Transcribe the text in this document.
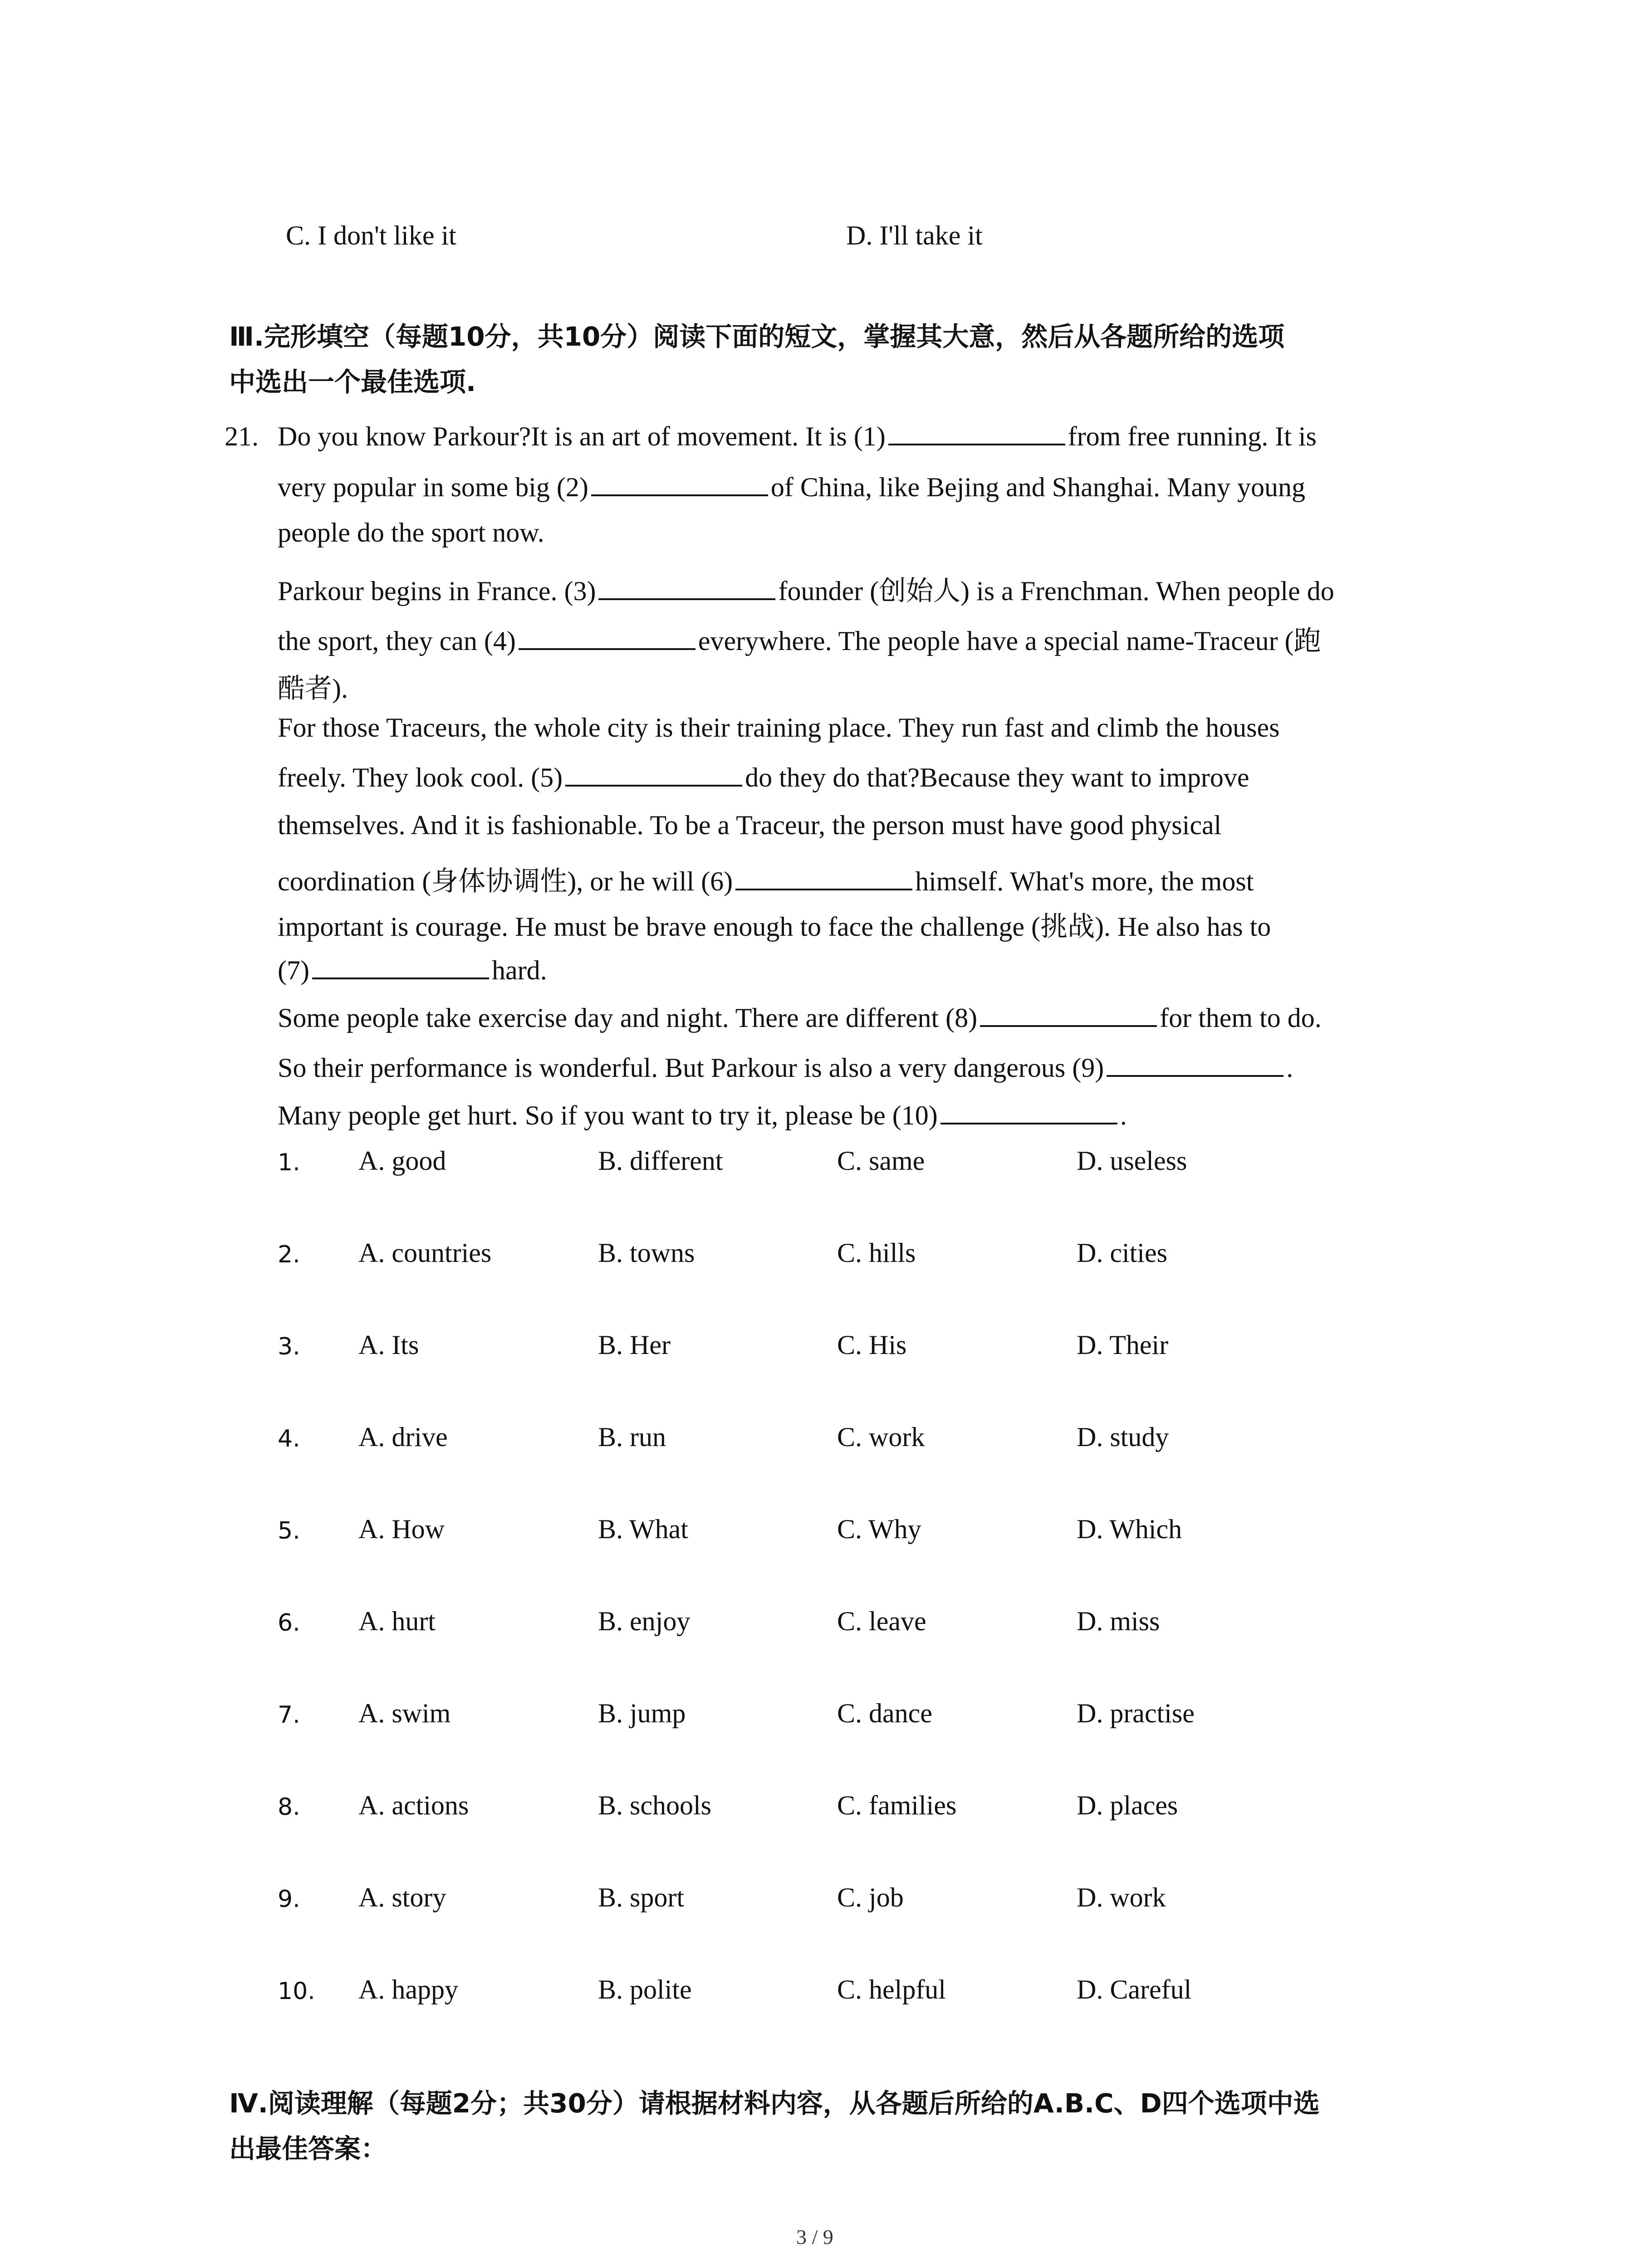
C. I don't like it	D. I'll take it
Ⅲ.完形填空（每题10分，共10分）阅读下面的短文，掌握其大意，然后从各题所给的选项
中选出一个最佳选项.
21. Do you know Parkour?It is an art of movement. It is (1)	from free running. It is
very popular in some big (2)	of China, like Bejing and Shanghai. Many young
people do the sport now.
Parkour begins in France. (3)	founder (创始人) is a Frenchman. When people do
the sport, they can (4)	everywhere. The people have a special name-Traceur (跑
酷者).
For those Traceurs, the whole city is their training place. They run fast and climb the houses
freely. They look cool. (5)	do they do that?Because they want to improve
themselves. And it is fashionable. To be a Traceur, the person must have good physical
coordination (身体协调性), or he will (6)	himself. What's more, the most
important is courage. He must be brave enough to face the challenge (挑战). He also has to
(7)	hard.
Some people take exercise day and night. There are different (8)	for them to do.
So their performance is wonderful. But Parkour is also a very dangerous (9)	.
Many people get hurt. So if you want to try it, please be (10)	.
1. A. good	B. different	C. same	D. useless
2. A. countries	B. towns	C. hills	D. cities
3. A. Its	B. Her	C. His	D. Their
4. A. drive	B. run	C. work	D. study
5. A. How	B. What	C. Why	D. Which
6. A. hurt	B. enjoy	C. leave	D. miss
7. A. swim	B. jump	C. dance	D. practise
8. A. actions	B. schools	C. families	D. places
9. A. story	B. sport	C. job	D. work
10. A. happy	B. polite	C. helpful	D. Careful
Ⅳ.阅读理解（每题2分；共30分）请根据材料内容，从各题后所给的A.B.C、D四个选项中选
出最佳答案：
3 / 9
